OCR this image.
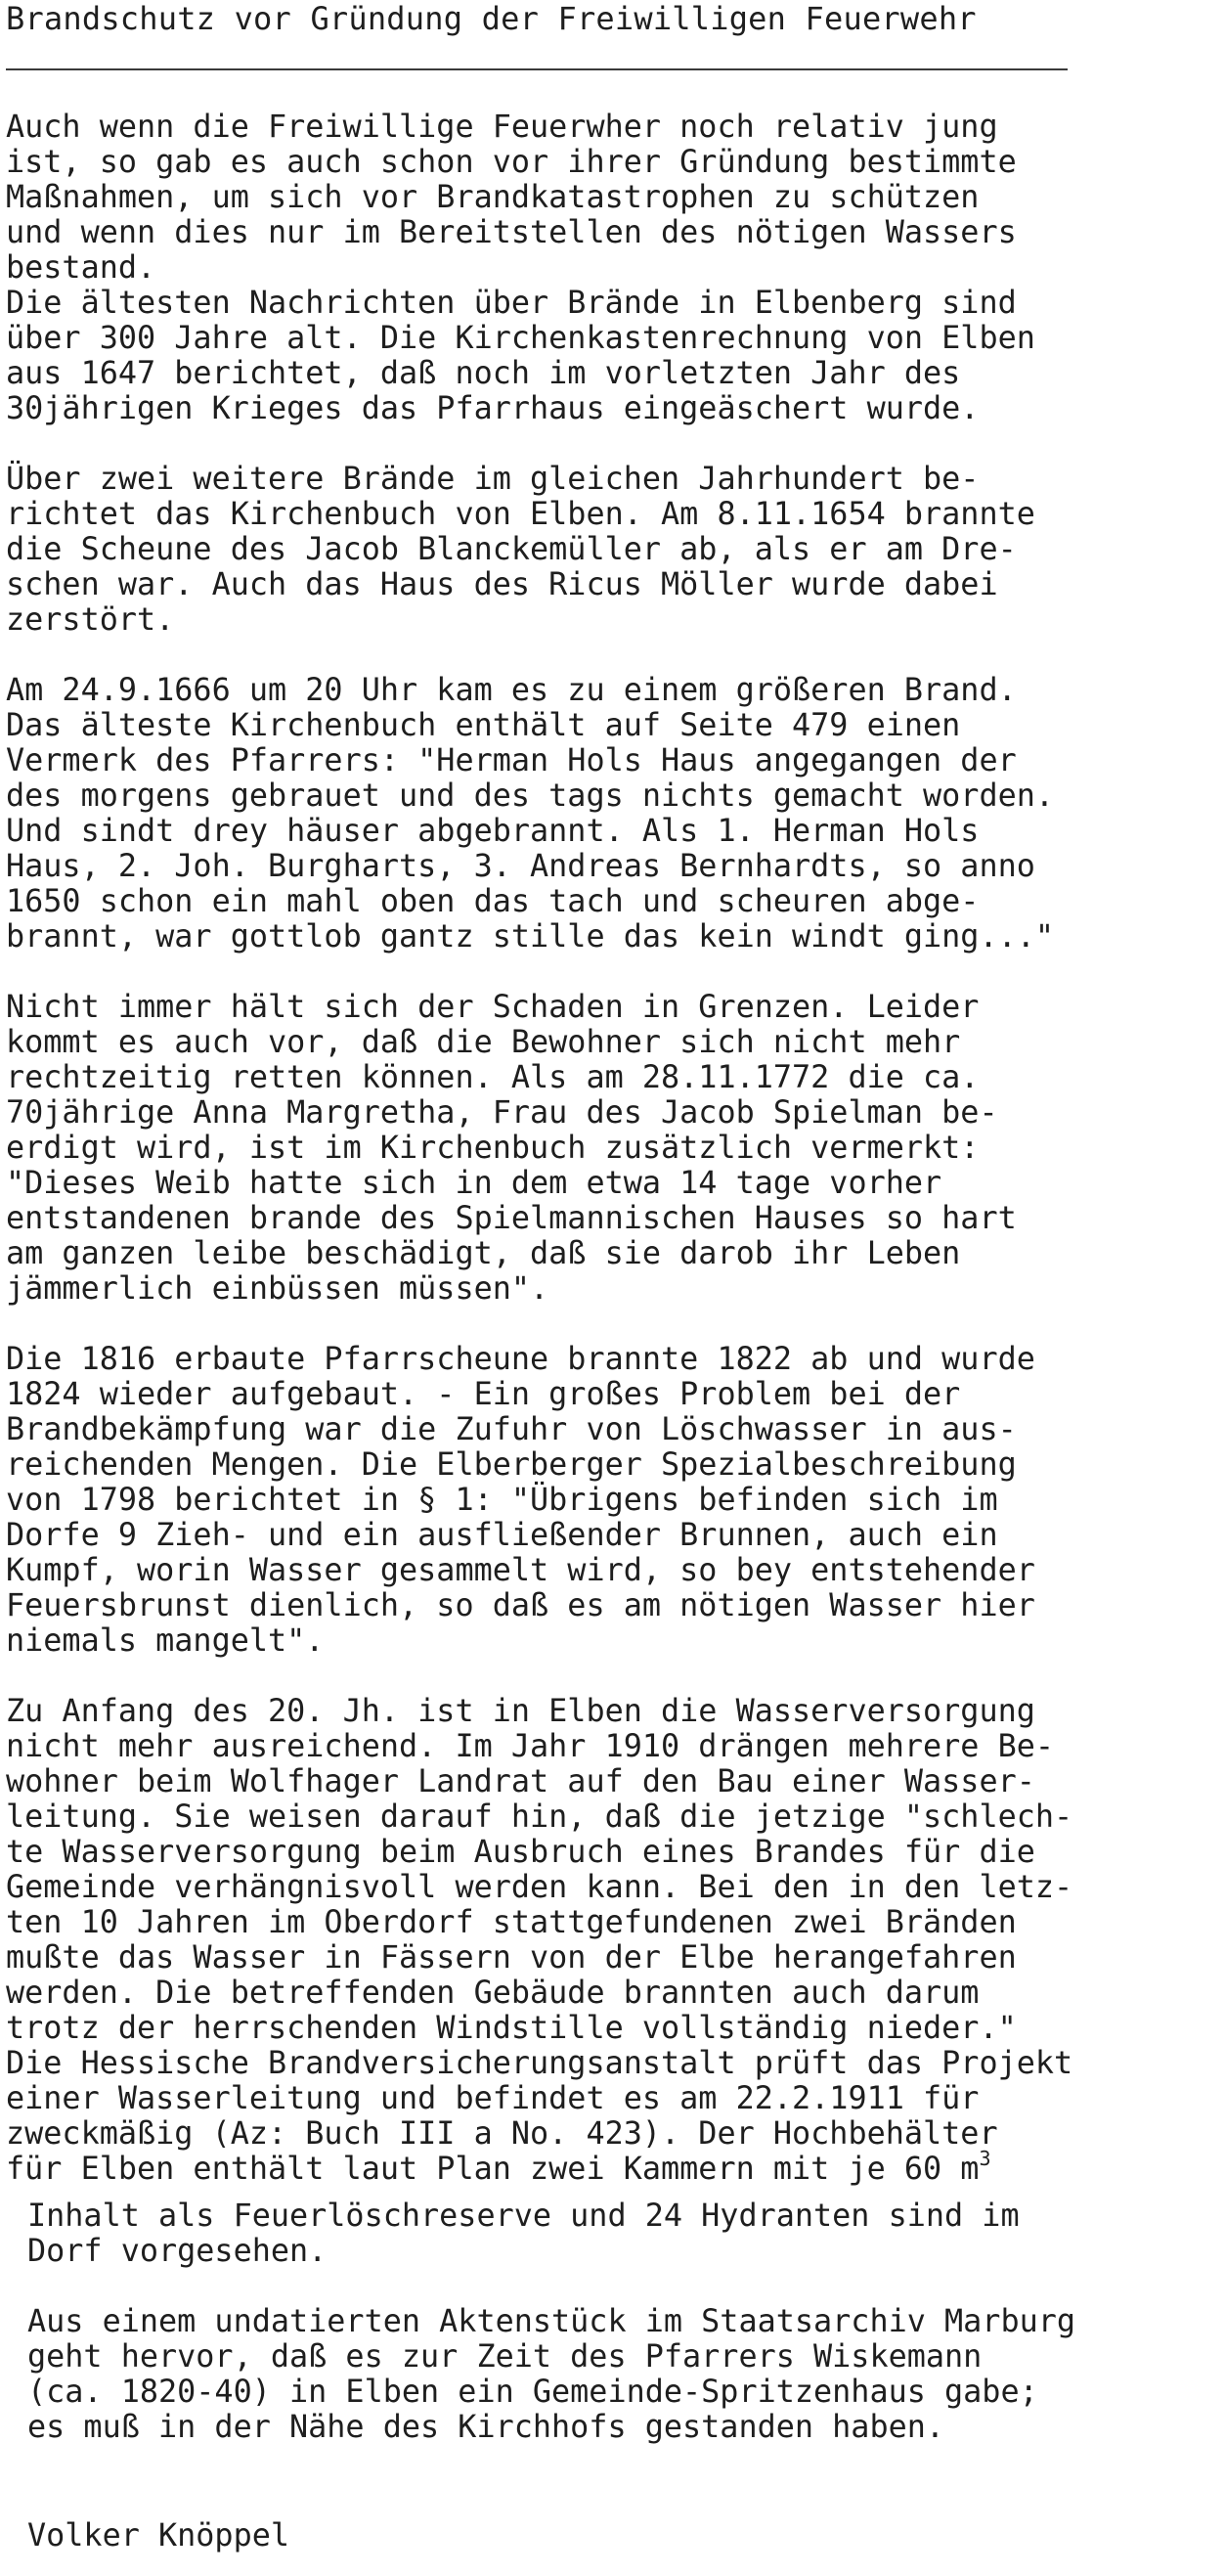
Brandschutz vor Gründung der Freiwilligen Feuerwehr
Auch wenn die Freiwillige Feuerwher noch relativ jung
ist, so gab es auch schon vor ihrer Gründung bestimmte
Maßnahmen, um sich vor Brandkatastrophen zu schützen
und wenn dies nur im Bereitstellen des nötigen Wassers
bestand.
Die ältesten Nachrichten über Brände in Elbenberg sind
über 300 Jahre alt. Die Kirchenkastenrechnung von Elben
aus 1647 berichtet, daß noch im vorletzten Jahr des
30jährigen Krieges das Pfarrhaus eingeäschert wurde.
Über zwei weitere Brände im gleichen Jahrhundert be-
richtet das Kirchenbuch von Elben. Am 8.11.1654 brannte
die Scheune des Jacob Blanckemüller ab, als er am Dre-
schen war. Auch das Haus des Ricus Möller wurde dabei
zerstört.
Am 24.9.1666 um 20 Uhr kam es zu einem größeren Brand.
Das älteste Kirchenbuch enthält auf Seite 479 einen
Vermerk des Pfarrers: "Herman Hols Haus angegangen der
des morgens gebrauet und des tags nichts gemacht worden.
Und sindt drey häuser abgebrannt. Als 1. Herman Hols
Haus, 2. Joh. Burgharts, 3. Andreas Bernhardts, so anno
1650 schon ein mahl oben das tach und scheuren abge-
brannt, war gottlob gantz stille das kein windt ging..."
Nicht immer hält sich der Schaden in Grenzen. Leider
kommt es auch vor, daß die Bewohner sich nicht mehr
rechtzeitig retten können. Als am 28.11.1772 die ca.
70jährige Anna Margretha, Frau des Jacob Spielman be-
erdigt wird, ist im Kirchenbuch zusätzlich vermerkt:
"Dieses Weib hatte sich in dem etwa 14 tage vorher
entstandenen brande des Spielmannischen Hauses so hart
am ganzen leibe beschädigt, daß sie darob ihr Leben
jämmerlich einbüssen müssen".
Die 1816 erbaute Pfarrscheune brannte 1822 ab und wurde
1824 wieder aufgebaut. - Ein großes Problem bei der
Brandbekämpfung war die Zufuhr von Löschwasser in aus-
reichenden Mengen. Die Elberberger Spezialbeschreibung
von 1798 berichtet in § 1: "Übrigens befinden sich im
Dorfe 9 Zieh- und ein ausfließender Brunnen, auch ein
Kumpf, worin Wasser gesammelt wird, so bey entstehender
Feuersbrunst dienlich, so daß es am nötigen Wasser hier
niemals mangelt".
Zu Anfang des 20. Jh. ist in Elben die Wasserversorgung
nicht mehr ausreichend. Im Jahr 1910 drängen mehrere Be-
wohner beim Wolfhager Landrat auf den Bau einer Wasser-
leitung. Sie weisen darauf hin, daß die jetzige "schlech-
te Wasserversorgung beim Ausbruch eines Brandes für die
Gemeinde verhängnisvoll werden kann. Bei den in den letz-
ten 10 Jahren im Oberdorf stattgefundenen zwei Bränden
mußte das Wasser in Fässern von der Elbe herangefahren
werden. Die betreffenden Gebäude brannten auch darum
trotz der herrschenden Windstille vollständig nieder."
Die Hessische Brandversicherungsanstalt prüft das Projekt
einer Wasserleitung und befindet es am 22.2.1911 für
zweckmäßig (Az: Buch III a No. 423). Der Hochbehälter
für Elben enthält laut Plan zwei Kammern mit je 60 $m^3$
Inhalt als Feuerlöschreserve und 24 Hydranten sind im
Dorf vorgesehen.
Aus einem undatierten Aktenstück im Staatsarchiv Marburg
geht hervor, daß es zur Zeit des Pfarrers Wiskemann
(ca. 1820-40) in Elben ein Gemeinde-Spritzenhaus gabe;
es muß in der Nähe des Kirchhofs gestanden haben.
Volker Knöppel
